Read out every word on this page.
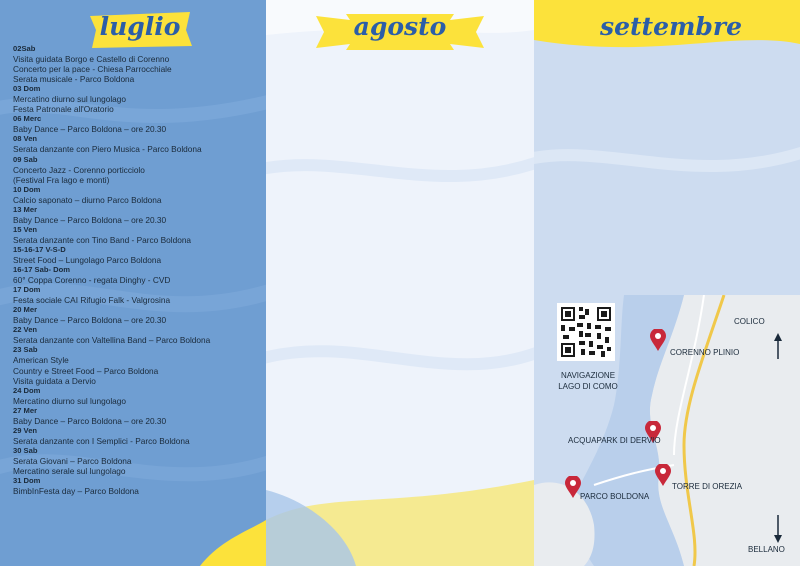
luglio
02Sab
Visita guidata Borgo e Castello di Corenno
Concerto per la pace - Chiesa Parrocchiale
Serata musicale - Parco Boldona
03 Dom
Mercatino diurno sul lungolago
Festa Patronale all'Oratorio
06 Merc
Baby Dance – Parco Boldona – ore 20.30
08 Ven
Serata danzante con Piero Musica - Parco Boldona
09 Sab
Concerto Jazz - Corenno porticciolo
(Festival Fra lago e monti)
10 Dom
Calcio saponato – diurno Parco Boldona
13 Mer
Baby Dance – Parco Boldona – ore 20.30
15 Ven
Serata danzante con Tino Band - Parco Boldona
15-16-17 V-S-D
Street Food – Lungolago Parco Boldona
16-17 Sab- Dom
60° Coppa Corenno - regata Dinghy - CVD
17 Dom
Festa sociale CAI Rifugio Falk - Valgrosina
20 Mer
Baby Dance – Parco Boldona – ore 20.30
22 Ven
Serata danzante con Valtellina Band – Parco Boldona
23 Sab
American Style
Country e Street Food – Parco Boldona
Visita guidata a Dervio
24 Dom
Mercatino diurno sul lungolago
27 Mer
Baby Dance – Parco Boldona – ore 20.30
29 Ven
Serata danzante con I Semplici - Parco Boldona
30 Sab
Serata Giovani – Parco Boldona
Mercatino serale sul lungolago
31 Dom
BimbInFesta day – Parco Boldona
agosto	settembre
COLICO
CORENNO PLINIO
ACQUAPARK DI DERVIO
TORRE DI OREZIA
PARCO BOLDONA
BELLANO
NAVIGAZIONE
LAGO DI COMO
